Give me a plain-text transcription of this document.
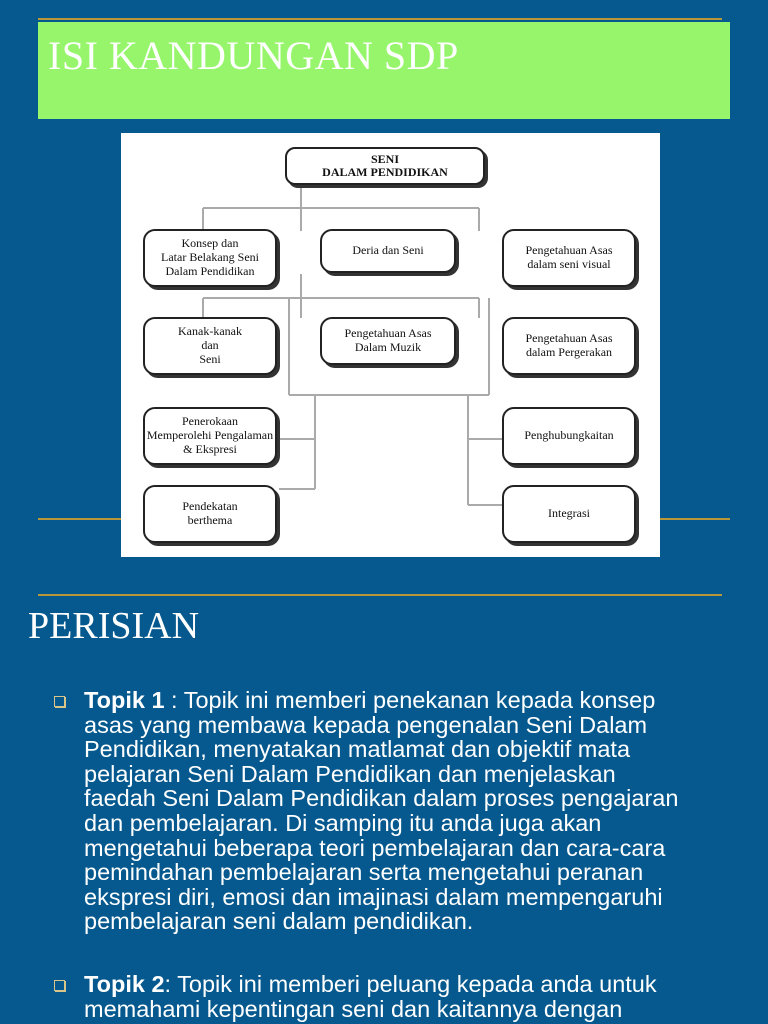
ISI KANDUNGAN SDP
SENI
DALAM PENDIDIKAN
Konsep dan
Latar Belakang Seni
Dalam Pendidikan
Deria dan Seni	Pengetahuan Asas
dalam seni visual
Kanak-kanak
dan
Seni
Pengetahuan Asas
Dalam Muzik
Pengetahuan Asas
dalam Pergerakan
Penerokaan
Memperolehi Pengalaman
& Ekspresi
Penghubungkaitan
Pendekatan
berthema	Integrasi
PERISIAN
Topik 1 : Topik ini memberi penekanan kepada konsep
asas yang membawa kepada pengenalan Seni Dalam
Pendidikan, menyatakan matlamat dan objektif mata
pelajaran Seni Dalam Pendidikan dan menjelaskan
faedah Seni Dalam Pendidikan dalam proses pengajaran
dan pembelajaran. Di samping itu anda juga akan
mengetahui beberapa teori pembelajaran dan cara-cara
pemindahan pembelajaran serta mengetahui peranan
ekspresi diri, emosi dan imajinasi dalam mempengaruhi
pembelajaran seni dalam pendidikan.
Topik 2: Topik ini memberi peluang kepada anda untuk
memahami kepentingan seni dan kaitannya dengan
